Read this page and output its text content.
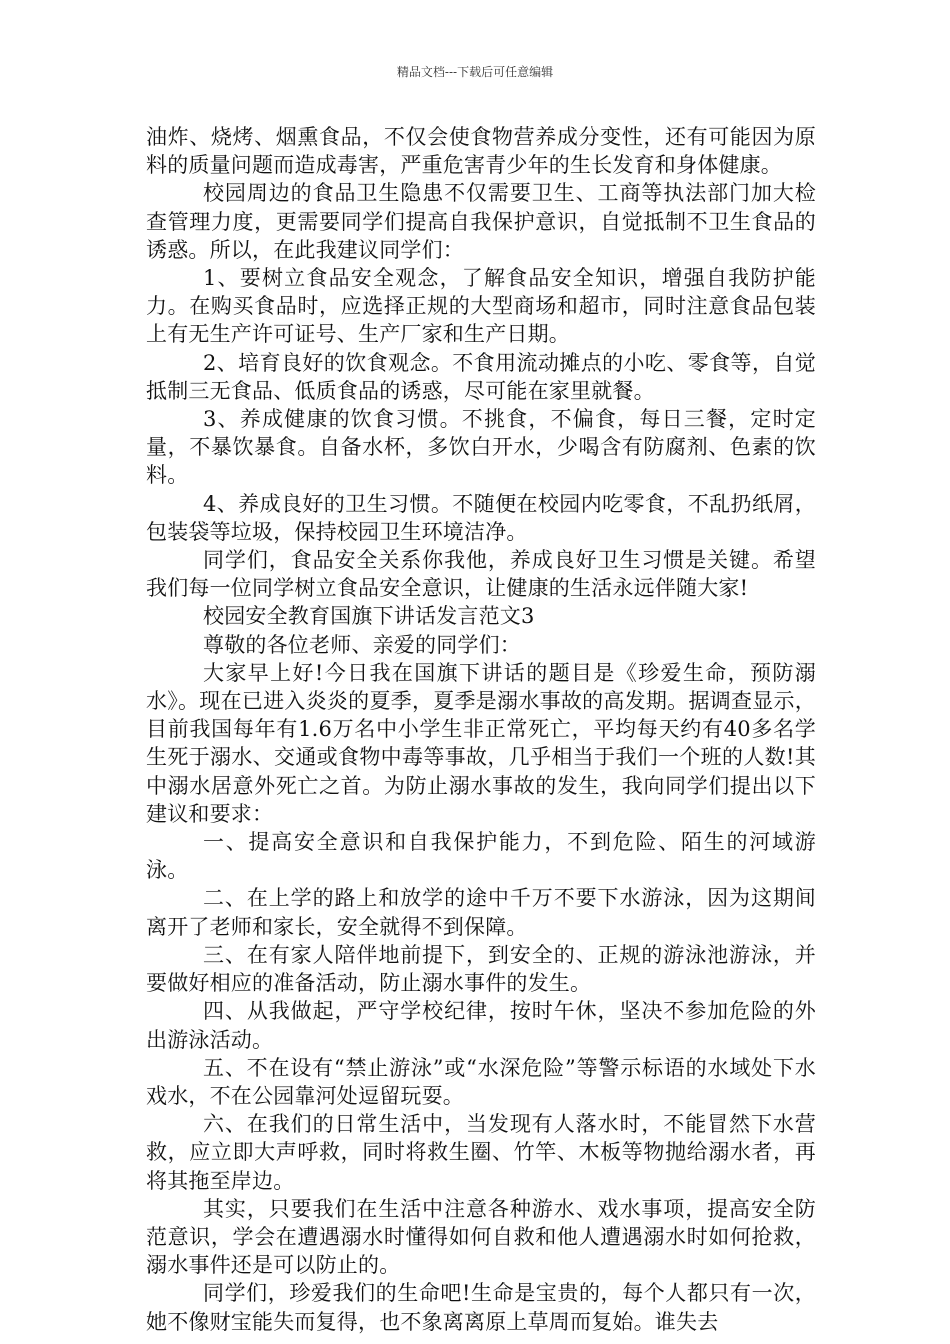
精品文档---下载后可任意编辑

油炸、烧烤、烟熏食品，不仅会使食物营养成分变性，还有可能因为原料的质量问题而造成毒害，严重危害青少年的生长发育和身体健康。

校园周边的食品卫生隐患不仅需要卫生、工商等执法部门加大检查管理力度，更需要同学们提高自我保护意识，自觉抵制不卫生食品的诱惑。所以，在此我建议同学们：

1、要树立食品安全观念，了解食品安全知识，增强自我防护能力。在购买食品时，应选择正规的大型商场和超市，同时注意食品包装上有无生产许可证号、生产厂家和生产日期。

2、培育良好的饮食观念。不食用流动摊点的小吃、零食等，自觉抵制三无食品、低质食品的诱惑，尽可能在家里就餐。

3、养成健康的饮食习惯。不挑食，不偏食，每日三餐，定时定量，不暴饮暴食。自备水杯，多饮白开水，少喝含有防腐剂、色素的饮料。

4、养成良好的卫生习惯。不随便在校园内吃零食，不乱扔纸屑，包装袋等垃圾，保持校园卫生环境洁净。

同学们，食品安全关系你我他，养成良好卫生习惯是关键。希望我们每一位同学树立食品安全意识，让健康的生活永远伴随大家!

校园安全教育国旗下讲话发言范文3

尊敬的各位老师、亲爱的同学们：

大家早上好!今日我在国旗下讲话的题目是《珍爱生命，预防溺水》。现在已进入炎炎的夏季，夏季是溺水事故的高发期。据调查显示，目前我国每年有1.6万名中小学生非正常死亡，平均每天约有40多名学生死于溺水、交通或食物中毒等事故，几乎相当于我们一个班的人数!其中溺水居意外死亡之首。为防止溺水事故的发生，我向同学们提出以下建议和要求：

一、提高安全意识和自我保护能力，不到危险、陌生的河域游泳。

二、在上学的路上和放学的途中千万不要下水游泳，因为这期间离开了老师和家长，安全就得不到保障。

三、在有家人陪伴地前提下，到安全的、正规的游泳池游泳，并要做好相应的准备活动，防止溺水事件的发生。

四、从我做起，严守学校纪律，按时午休，坚决不参加危险的外出游泳活动。

五、不在设有“禁止游泳”或“水深危险”等警示标语的水域处下水戏水，不在公园靠河处逗留玩耍。

六、在我们的日常生活中，当发现有人落水时，不能冒然下水营救，应立即大声呼救，同时将救生圈、竹竿、木板等物抛给溺水者，再将其拖至岸边。

其实，只要我们在生活中注意各种游水、戏水事项，提高安全防范意识，学会在遭遇溺水时懂得如何自救和他人遭遇溺水时如何抢救，溺水事件还是可以防止的。

同学们，珍爱我们的生命吧!生命是宝贵的，每个人都只有一次，她不像财宝能失而复得，也不象离离原上草周而复始。谁失去
